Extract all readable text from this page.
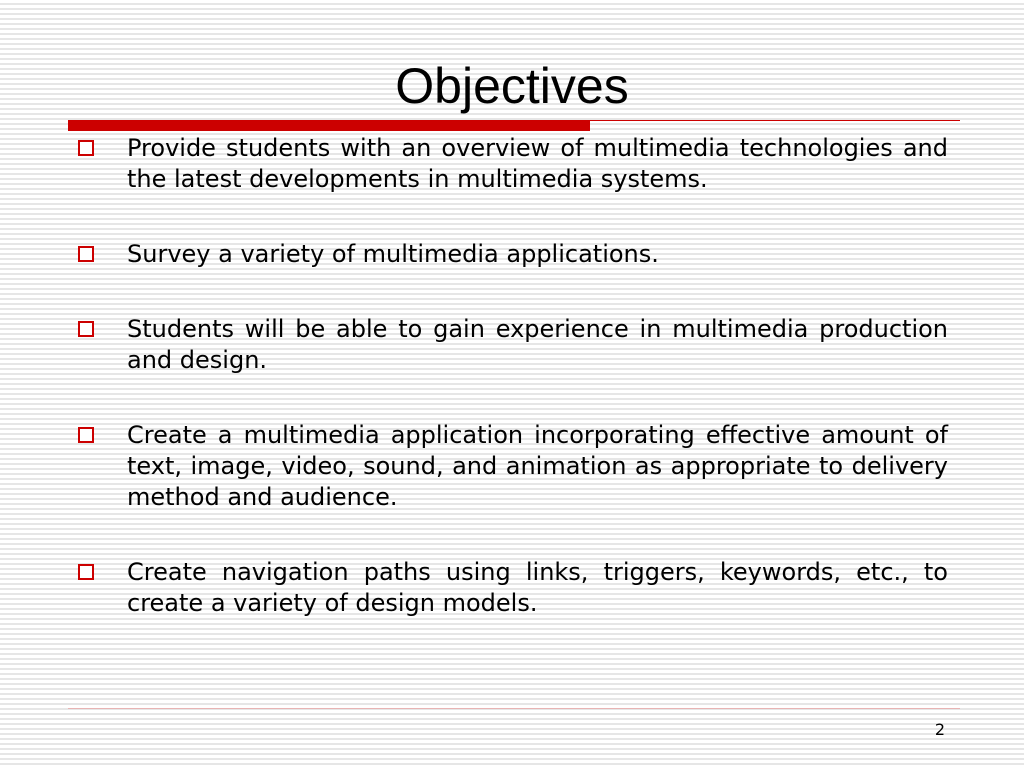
Objectives
Provide students with an overview of multimedia technologies and the latest developments in multimedia systems.
Survey a variety of multimedia applications.
Students will be able to gain experience in multimedia production and design.
Create a multimedia application incorporating effective amount of text, image, video, sound, and animation as appropriate to delivery method and audience.
Create navigation paths using links, triggers, keywords, etc., to create a variety of design models.
2
